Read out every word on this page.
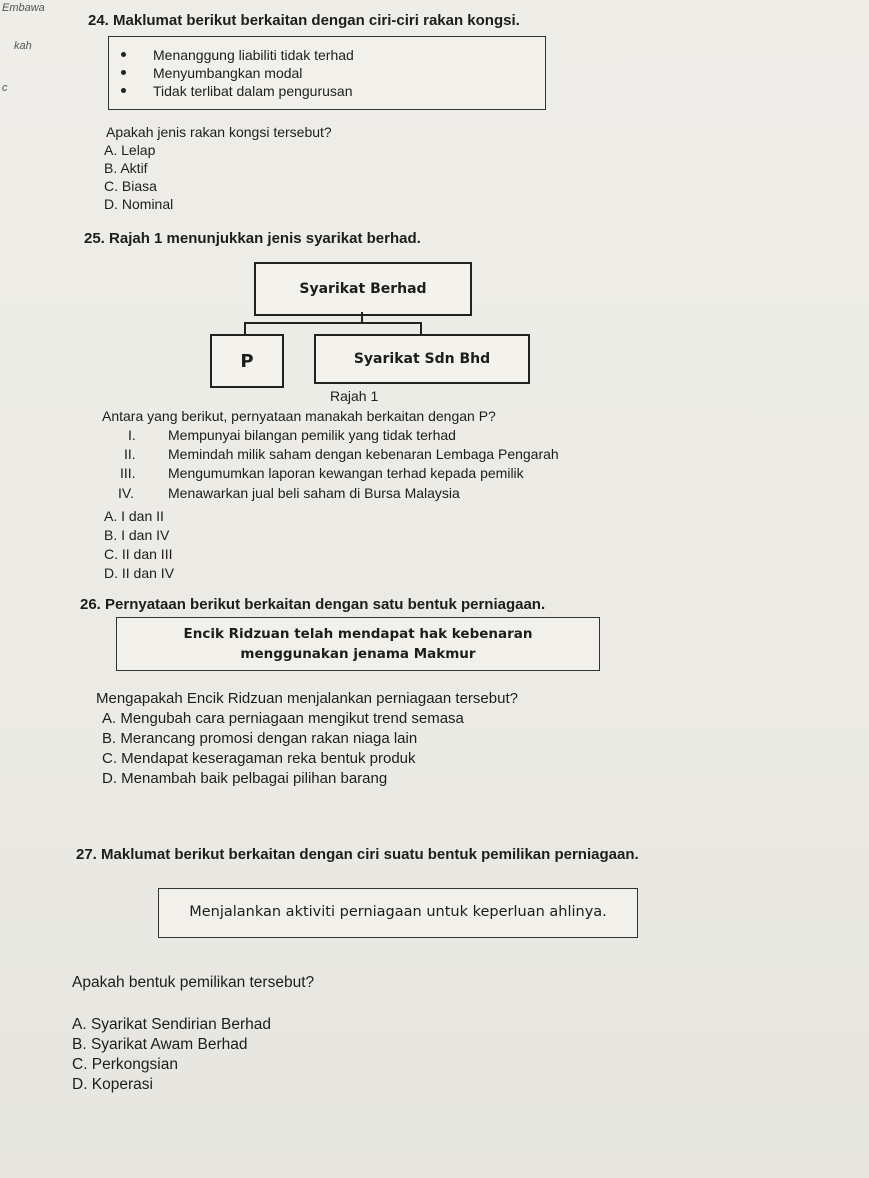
Embawa
kah
c
24. Maklumat berikut berkaitan dengan ciri-ciri rakan kongsi.
Menanggung liabiliti tidak terhad
Menyumbangkan modal
Tidak terlibat dalam pengurusan
Apakah jenis rakan kongsi tersebut?
A. Lelap
B. Aktif
C. Biasa
D. Nominal
25. Rajah 1 menunjukkan jenis syarikat berhad.
Syarikat Berhad
P	Syarikat Sdn Bhd
Rajah 1
Antara yang berikut, pernyataan manakah berkaitan dengan P?
I. Mempunyai bilangan pemilik yang tidak terhad
II. Memindah milik saham dengan kebenaran Lembaga Pengarah
III. Mengumumkan laporan kewangan terhad kepada pemilik
IV. Menawarkan jual beli saham di Bursa Malaysia
A. I dan II
B. I dan IV
C. II dan III
D. II dan IV
26. Pernyataan berikut berkaitan dengan satu bentuk perniagaan.
Encik Ridzuan telah mendapat hak kebenaran
menggunakan jenama Makmur
Mengapakah Encik Ridzuan menjalankan perniagaan tersebut?
A. Mengubah cara perniagaan mengikut trend semasa
B. Merancang promosi dengan rakan niaga lain
C. Mendapat keseragaman reka bentuk produk
D. Menambah baik pelbagai pilihan barang
27. Maklumat berikut berkaitan dengan ciri suatu bentuk pemilikan perniagaan.
Menjalankan aktiviti perniagaan untuk keperluan ahlinya.
Apakah bentuk pemilikan tersebut?
A. Syarikat Sendirian Berhad
B. Syarikat Awam Berhad
C. Perkongsian
D. Koperasi
